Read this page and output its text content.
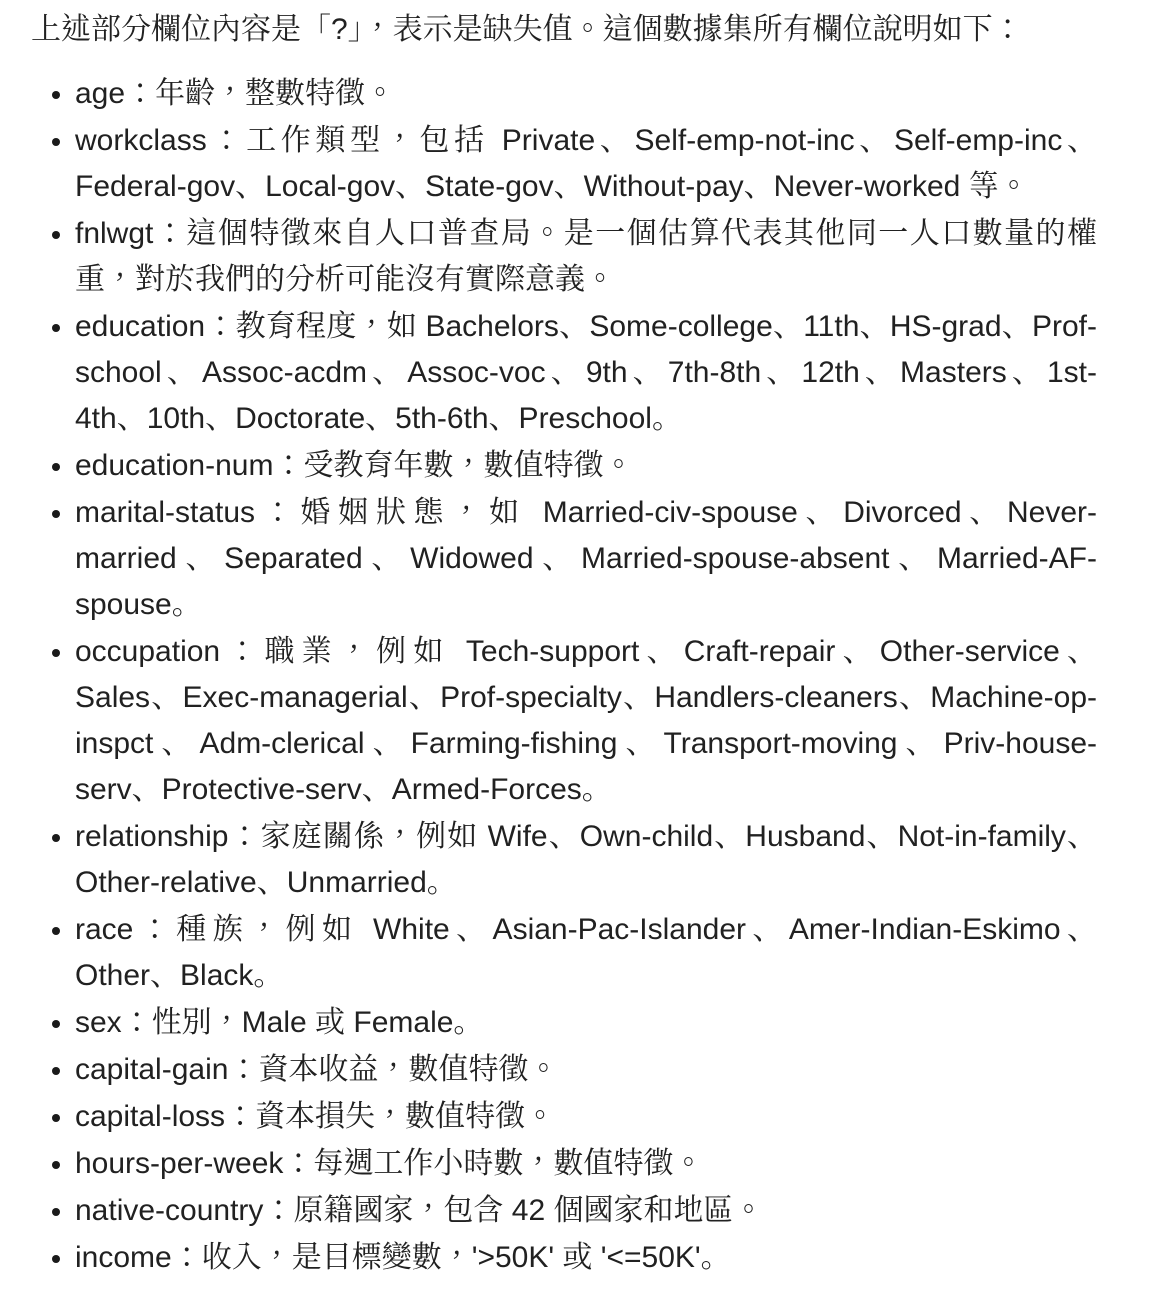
上述部分欄位內容是「?」，表示是缺失值。這個數據集所有欄位說明如下：

• age：年齡，整數特徵。
• workclass：工作類型，包括 Private、Self-emp-not-inc、Self-emp-inc、Federal-gov、Local-gov、State-gov、Without-pay、Never-worked 等。
• fnlwgt：這個特徵來自人口普查局。是一個估算代表其他同一人口數量的權重，對於我們的分析可能沒有實際意義。
• education：教育程度，如 Bachelors、Some-college、11th、HS-grad、Prof-school、Assoc-acdm、Assoc-voc、9th、7th-8th、12th、Masters、1st-4th、10th、Doctorate、5th-6th、Preschool。
• education-num：受教育年數，數值特徵。
• marital-status：婚姻狀態，如 Married-civ-spouse、Divorced、Never-married、Separated、Widowed、Married-spouse-absent、Married-AF-spouse。
• occupation：職業，例如 Tech-support、Craft-repair、Other-service、Sales、Exec-managerial、Prof-specialty、Handlers-cleaners、Machine-op-inspct、Adm-clerical、Farming-fishing、Transport-moving、Priv-house-serv、Protective-serv、Armed-Forces。
• relationship：家庭關係，例如 Wife、Own-child、Husband、Not-in-family、Other-relative、Unmarried。
• race：種族，例如 White、Asian-Pac-Islander、Amer-Indian-Eskimo、Other、Black。
• sex：性別，Male 或 Female。
• capital-gain：資本收益，數值特徵。
• capital-loss：資本損失，數值特徵。
• hours-per-week：每週工作小時數，數值特徵。
• native-country：原籍國家，包含 42 個國家和地區。
• income：收入，是目標變數，'>50K' 或 '<=50K'。
